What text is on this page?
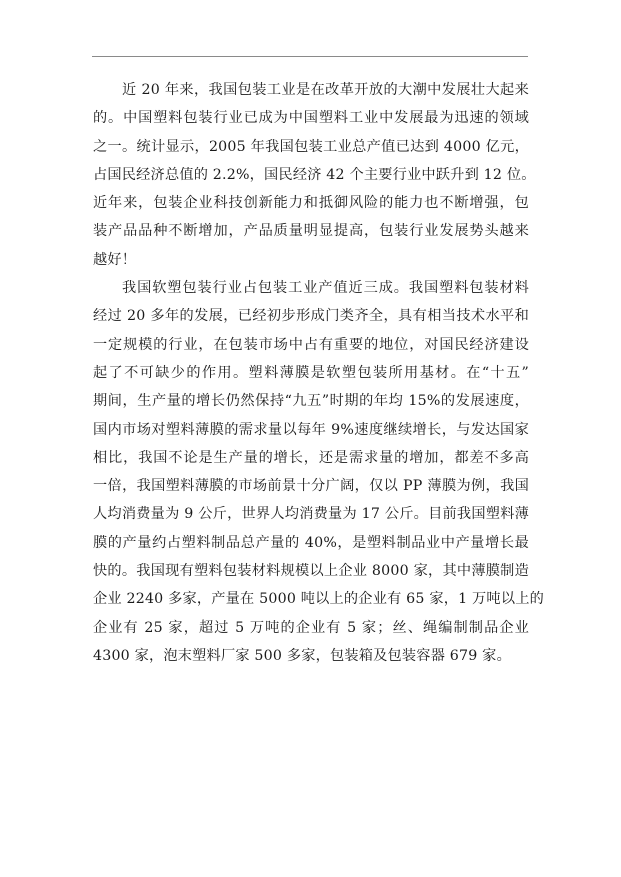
近 20 年来，我国包装工业是在改革开放的大潮中发展壮大起来
的。中国塑料包装行业已成为中国塑料工业中发展最为迅速的领域
之一。统计显示，2005 年我国包装工业总产值已达到 4000 亿元，
占国民经济总值的 2.2%，国民经济 42 个主要行业中跃升到 12 位。
近年来，包装企业科技创新能力和抵御风险的能力也不断增强，包
装产品品种不断增加，产品质量明显提高，包装行业发展势头越来
越好！
我国软塑包装行业占包装工业产值近三成。我国塑料包装材料
经过 20 多年的发展，已经初步形成门类齐全，具有相当技术水平和
一定规模的行业，在包装市场中占有重要的地位，对国民经济建设
起了不可缺少的作用。塑料薄膜是软塑包装所用基材。在“十五”
期间，生产量的增长仍然保持“九五”时期的年均 15%的发展速度，
国内市场对塑料薄膜的需求量以每年 9%速度继续增长，与发达国家
相比，我国不论是生产量的增长，还是需求量的增加，都差不多高
一倍，我国塑料薄膜的市场前景十分广阔，仅以 PP 薄膜为例，我国
人均消费量为 9 公斤，世界人均消费量为 17 公斤。目前我国塑料薄
膜的产量约占塑料制品总产量的 40%，是塑料制品业中产量增长最
快的。我国现有塑料包装材料规模以上企业 8000 家，其中薄膜制造
企业 2240 多家，产量在 5000 吨以上的企业有 65 家，1 万吨以上的
企业有 25 家，超过 5 万吨的企业有 5 家；丝、绳编制制品企业
4300 家，泡末塑料厂家 500 多家，包装箱及包装容器 679 家。
